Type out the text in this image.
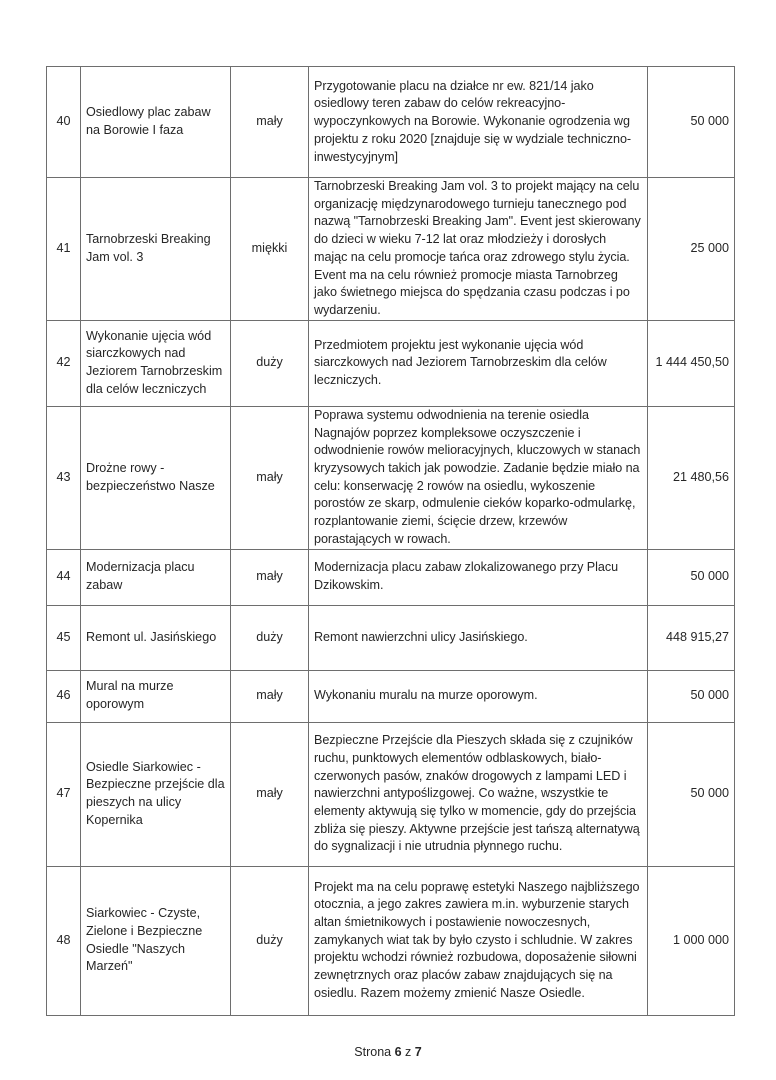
40	Osiedlowy plac zabaw na Borowie I faza	mały	Przygotowanie placu na działce nr ew. 821/14 jako osiedlowy teren zabaw do celów rekreacyjno-wypoczynkowych na Borowie. Wykonanie ogrodzenia wg projektu z roku 2020 [znajduje się w wydziale techniczno-inwestycyjnym]	50 000
41	Tarnobrzeski Breaking Jam vol. 3	miękki	Tarnobrzeski Breaking Jam vol. 3 to projekt mający na celu organizację międzynarodowego turnieju tanecznego pod nazwą "Tarnobrzeski Breaking Jam". Event jest skierowany do dzieci w wieku 7-12 lat oraz młodzieży i dorosłych mając na celu promocje tańca oraz zdrowego stylu życia. Event ma na celu również promocje miasta Tarnobrzeg jako świetnego miejsca do spędzania czasu podczas i po wydarzeniu.	25 000
42	Wykonanie ujęcia wód siarczkowych nad Jeziorem Tarnobrzeskim dla celów leczniczych	duży	Przedmiotem projektu jest wykonanie ujęcia wód siarczkowych nad Jeziorem Tarnobrzeskim dla celów leczniczych.	1 444 450,50
43	Drożne rowy - bezpieczeństwo Nasze	mały	Poprawa systemu odwodnienia na terenie osiedla Nagnajów poprzez kompleksowe oczyszczenie i odwodnienie rowów melioracyjnych, kluczowych w stanach kryzysowych takich jak powodzie. Zadanie będzie miało na celu: konserwację 2 rowów na osiedlu, wykoszenie porostów ze skarp, odmulenie cieków koparko-odmularkę, rozplantowanie ziemi, ścięcie drzew, krzewów porastających w rowach.	21 480,56
44	Modernizacja placu zabaw	mały	Modernizacja placu zabaw zlokalizowanego przy Placu Dzikowskim.	50 000
45	Remont ul. Jasińskiego	duży	Remont nawierzchni ulicy Jasińskiego.	448 915,27
46	Mural na murze oporowym	mały	Wykonaniu muralu na murze oporowym.	50 000
47	Osiedle Siarkowiec - Bezpieczne przejście dla pieszych na ulicy Kopernika	mały	Bezpieczne Przejście dla Pieszych składa się z czujników ruchu, punktowych elementów odblaskowych, biało-czerwonych pasów, znaków drogowych z lampami LED i nawierzchni antypoślizgowej. Co ważne, wszystkie te elementy aktywują się tylko w momencie, gdy do przejścia zbliża się pieszy. Aktywne przejście jest tańszą alternatywą do sygnalizacji i nie utrudnia płynnego ruchu.	50 000
48	Siarkowiec - Czyste, Zielone i Bezpieczne Osiedle "Naszych Marzeń"	duży	Projekt ma na celu poprawę estetyki Naszego najbliższego otocznia, a jego zakres zawiera m.in. wyburzenie starych altan śmietnikowych i postawienie nowoczesnych, zamykanych wiat tak by było czysto i schludnie. W zakres projektu wchodzi również rozbudowa, doposażenie siłowni zewnętrznych oraz placów zabaw znajdujących się na osiedlu. Razem możemy zmienić Nasze Osiedle.	1 000 000
Strona 6 z 7
